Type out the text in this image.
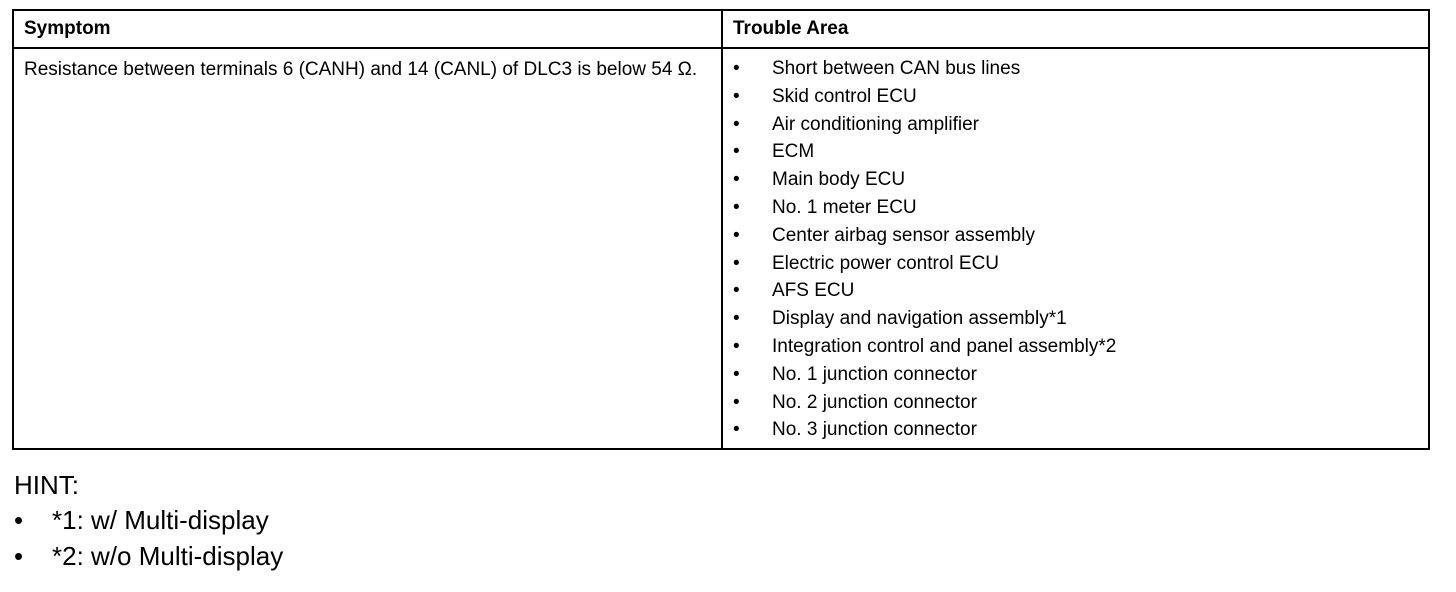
Symptom	Trouble Area
Resistance between terminals 6 (CANH) and 14 (CANL) of DLC3 is below 54 Ω.	• Short between CAN bus lines
• Skid control ECU
• Air conditioning amplifier
• ECM
• Main body ECU
• No. 1 meter ECU
• Center airbag sensor assembly
• Electric power control ECU
• AFS ECU
• Display and navigation assembly*1
• Integration control and panel assembly*2
• No. 1 junction connector
• No. 2 junction connector
• No. 3 junction connector
HINT:
• *1: w/ Multi-display
• *2: w/o Multi-display
